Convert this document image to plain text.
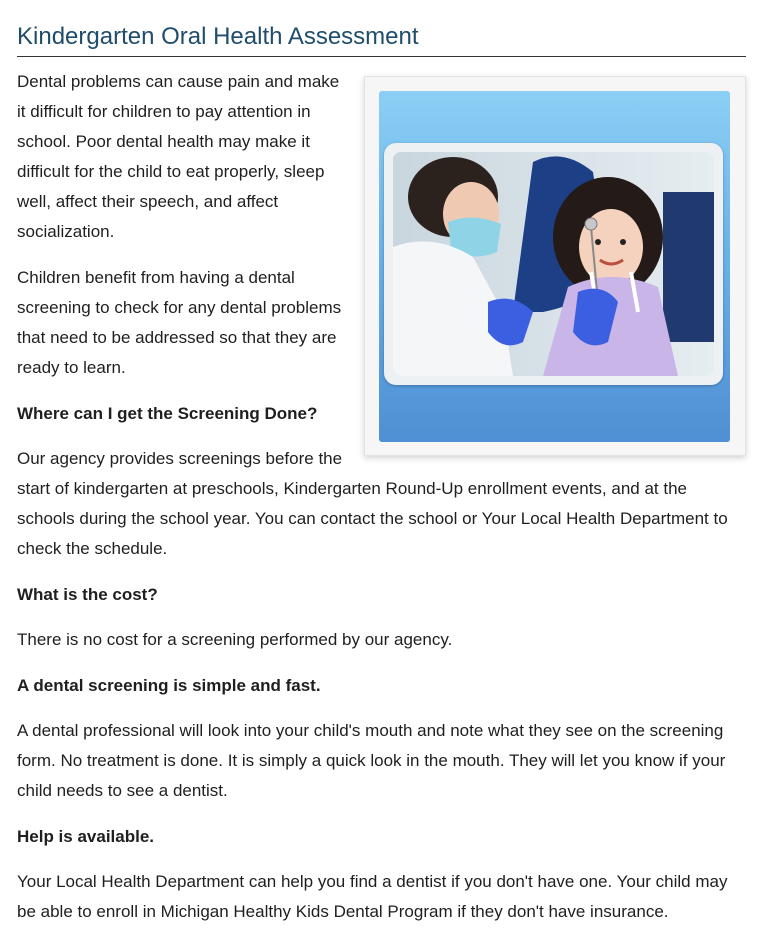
Kindergarten Oral Health Assessment

Dental problems can cause pain and make it difficult for children to pay attention in school. Poor dental health may make it difficult for the child to eat properly, sleep well, affect their speech, and affect socialization.

Children benefit from having a dental screening to check for any dental problems that need to be addressed so that they are ready to learn.

Where can I get the Screening Done?

Our agency provides screenings before the start of kindergarten at preschools, Kindergarten Round-Up enrollment events, and at the schools during the school year. You can contact the school or Your Local Health Department to check the schedule.

What is the cost?

There is no cost for a screening performed by our agency.

A dental screening is simple and fast.

A dental professional will look into your child's mouth and note what they see on the screening form. No treatment is done. It is simply a quick look in the mouth. They will let you know if your child needs to see a dentist.

Help is available.

Your Local Health Department can help you find a dentist if you don't have one. Your child may be able to enroll in Michigan Healthy Kids Dental Program if they don't have insurance.
